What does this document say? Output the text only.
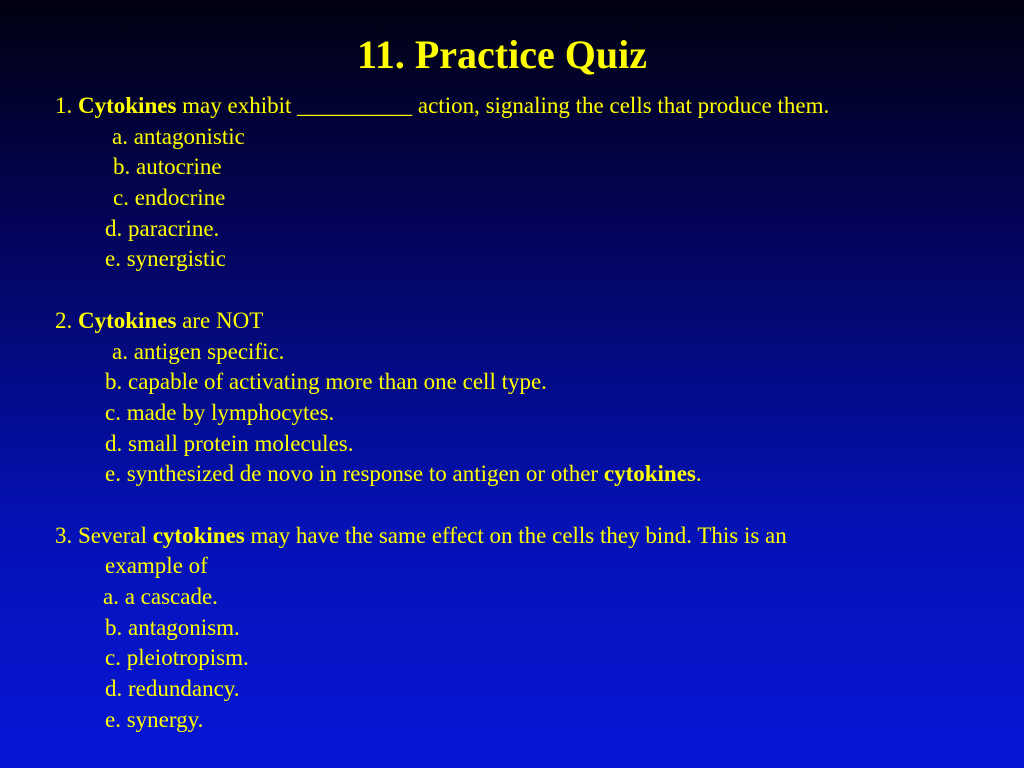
11. Practice Quiz
1. Cytokines may exhibit __________ action, signaling the cells that produce them.
a. antagonistic
b. autocrine
c. endocrine
d. paracrine.
e. synergistic
2. Cytokines are NOT
a. antigen specific.
b. capable of activating more than one cell type.
c. made by lymphocytes.
d. small protein molecules.
e. synthesized de novo in response to antigen or other cytokines.
3. Several cytokines may have the same effect on the cells they bind. This is an
example of
a. a cascade.
b. antagonism.
c. pleiotropism.
d. redundancy.
e. synergy.
